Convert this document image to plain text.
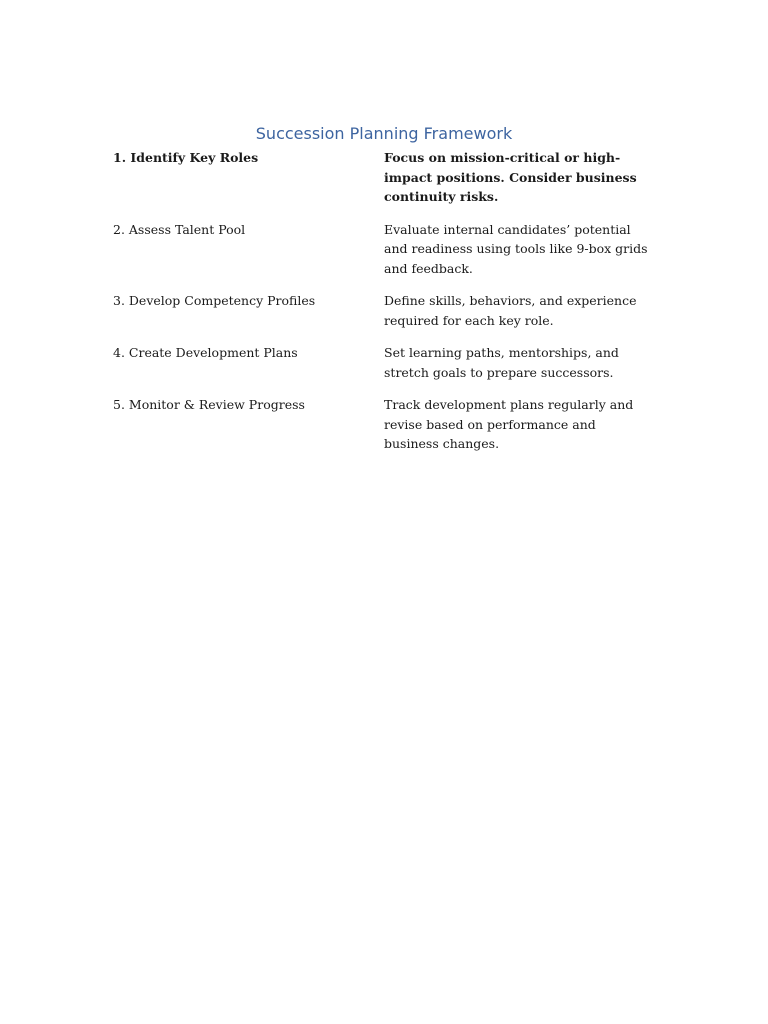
Succession Planning Framework
1. Identify Key Roles	Focus on mission-critical or high-impact positions. Consider business continuity risks.
2. Assess Talent Pool	Evaluate internal candidates’ potential and readiness using tools like 9-box grids and feedback.
3. Develop Competency Profiles	Define skills, behaviors, and experience required for each key role.
4. Create Development Plans	Set learning paths, mentorships, and stretch goals to prepare successors.
5. Monitor & Review Progress	Track development plans regularly and revise based on performance and business changes.
